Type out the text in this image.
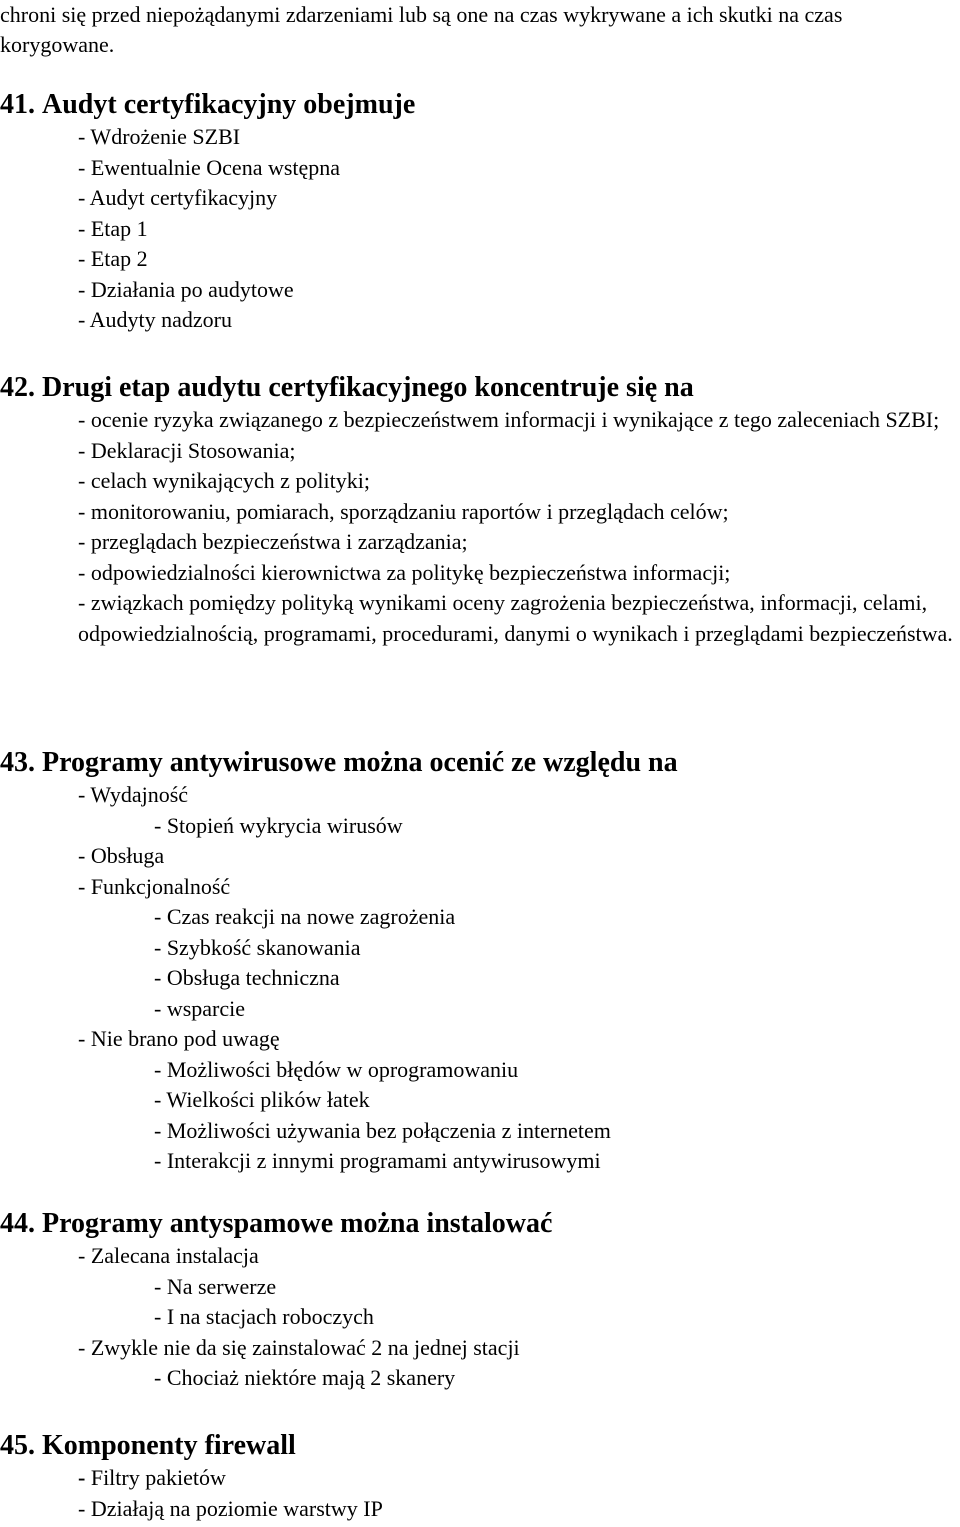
chroni się przed niepożądanymi zdarzeniami lub są one na czas wykrywane a ich skutki na czas korygowane.
41. Audyt certyfikacyjny obejmuje
- Wdrożenie SZBI
- Ewentualnie Ocena wstępna
- Audyt certyfikacyjny
- Etap 1
- Etap 2
- Działania po audytowe
- Audyty nadzoru
42. Drugi etap audytu certyfikacyjnego koncentruje się na
- ocenie ryzyka związanego z bezpieczeństwem informacji i wynikające z tego zaleceniach SZBI;
- Deklaracji Stosowania;
- celach wynikających z polityki;
- monitorowaniu, pomiarach, sporządzaniu raportów i przeglądach celów;
- przeglądach bezpieczeństwa i zarządzania;
- odpowiedzialności kierownictwa za politykę bezpieczeństwa informacji;
- związkach pomiędzy polityką wynikami oceny zagrożenia bezpieczeństwa, informacji, celami, odpowiedzialnością, programami, procedurami, danymi o wynikach i przeglądami bezpieczeństwa.
43. Programy antywirusowe można ocenić ze względu na
- Wydajność
- Stopień wykrycia wirusów
- Obsługa
- Funkcjonalność
- Czas reakcji na nowe zagrożenia
- Szybkość skanowania
- Obsługa techniczna
- wsparcie
- Nie brano pod uwagę
- Możliwości błędów w oprogramowaniu
- Wielkości plików łatek
- Możliwości używania bez połączenia z internetem
- Interakcji z innymi programami antywirusowymi
44. Programy antyspamowe można instalować
- Zalecana instalacja
- Na serwerze
- I na stacjach roboczych
- Zwykle nie da się zainstalować 2 na jednej stacji
- Chociaż niektóre mają 2 skanery
45. Komponenty firewall
- Filtry pakietów
- Działają na poziomie warstwy IP
